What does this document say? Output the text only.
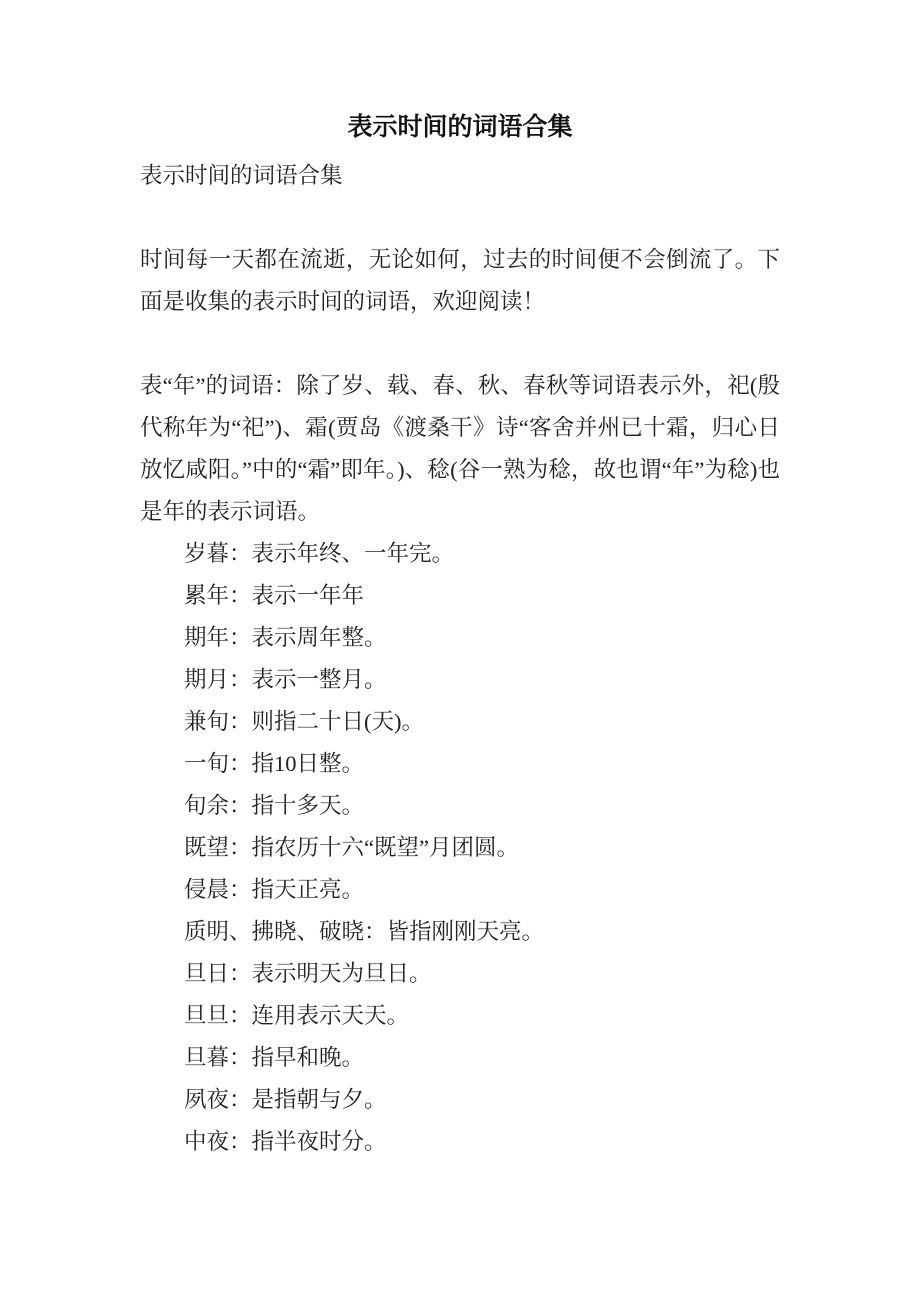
表示时间的词语合集

表示时间的词语合集

时间每一天都在流逝，无论如何，过去的时间便不会倒流了。下面是收集的表示时间的词语，欢迎阅读！

表“年”的词语：除了岁、载、春、秋、春秋等词语表示外，祀(殷代称年为“祀”)、霜(贾岛《渡桑干》诗“客舍并州已十霜，归心日放忆咸阳。”中的“霜”即年。)、稔(谷一熟为稔，故也谓“年”为稔)也是年的表示词语。

岁暮：表示年终、一年完。

累年：表示一年年

期年：表示周年整。

期月：表示一整月。

兼旬：则指二十日(天)。

一旬：指10日整。

旬余：指十多天。

既望：指农历十六“既望”月团圆。

侵晨：指天正亮。

质明、拂晓、破晓：皆指刚刚天亮。

旦日：表示明天为旦日。

旦旦：连用表示天天。

旦暮：指早和晚。

夙夜：是指朝与夕。

中夜：指半夜时分。
